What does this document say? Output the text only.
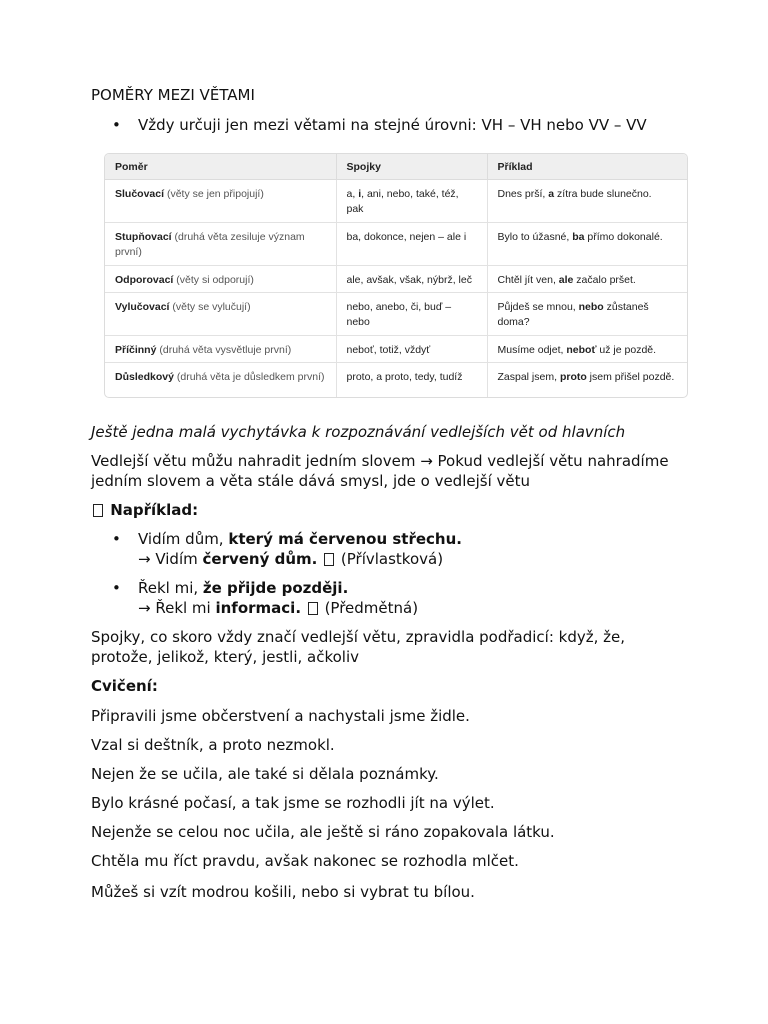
POMĚRY MEZI VĚTAMI
• Vždy určuji jen mezi větami na stejné úrovni: VH – VH nebo VV – VV
Poměr	Spojky	Příklad
Slučovací (věty se jen připojují)	a, i, ani, nebo, také, též, pak	Dnes prší, a zítra bude slunečno.
Stupňovací (druhá věta zesiluje význam první)	ba, dokonce, nejen – ale i	Bylo to úžasné, ba přímo dokonalé.
Odporovací (věty si odporují)	ale, avšak, však, nýbrž, leč	Chtěl jít ven, ale začalo pršet.
Vylučovací (věty se vylučují)	nebo, anebo, či, buď – nebo	Půjdeš se mnou, nebo zůstaneš doma?
Příčinný (druhá věta vysvětluje první)	neboť, totiž, vždyť	Musíme odjet, neboť už je pozdě.
Důsledkový (druhá věta je důsledkem první)	proto, a proto, tedy, tudíž	Zaspal jsem, proto jsem přišel pozdě.
Ještě jedna malá vychytávka k rozpoznávání vedlejších vět od hlavních
Vedlejší větu můžu nahradit jedním slovem → Pokud vedlejší větu nahradíme jedním slovem a věta stále dává smysl, jde o vedlejší větu
Například:
• Vidím dům, který má červenou střechu.
→ Vidím červený dům.  (Přívlastková)
• Řekl mi, že přijde později.
→ Řekl mi informaci.  (Předmětná)
Spojky, co skoro vždy značí vedlejší větu, zpravidla podřadicí: když, že, protože, jelikož, který, jestli, ačkoliv
Cvičení:
Připravili jsme občerstvení a nachystali jsme židle.
Vzal si deštník, a proto nezmokl.
Nejen že se učila, ale také si dělala poznámky.
Bylo krásné počasí, a tak jsme se rozhodli jít na výlet.
Nejenže se celou noc učila, ale ještě si ráno zopakovala látku.
Chtěla mu říct pravdu, avšak nakonec se rozhodla mlčet.
Můžeš si vzít modrou košili, nebo si vybrat tu bílou.
